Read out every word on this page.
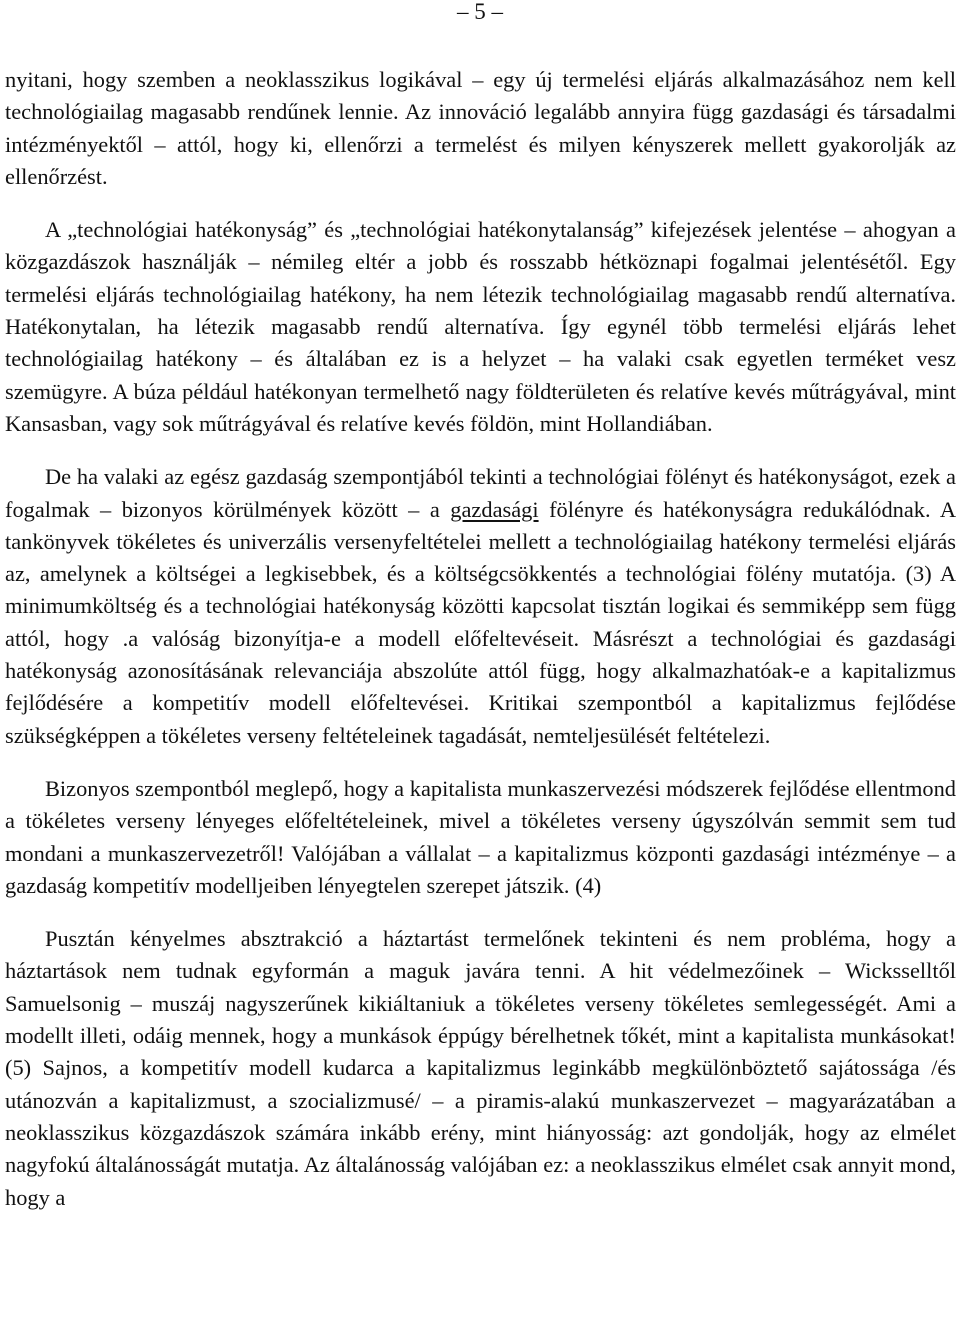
– 5 –

nyitani, hogy szemben a neoklasszikus logikával – egy új termelési eljárás alkalmazásához nem kell technológiailag magasabb rendűnek lennie. Az innováció legalább annyira függ gazdasági és társadalmi intézményektől – attól, hogy ki, ellenőrzi a termelést és milyen kényszerek mellett gyakorolják az ellenőrzést.

A „technológiai hatékonyság” és „technológiai hatékonytalanság” kifejezések jelentése – ahogyan a közgazdászok használják – némileg eltér a jobb és rosszabb hétköznapi fogalmai jelentésétől. Egy termelési eljárás technológiailag hatékony, ha nem létezik technológiailag magasabb rendű alternatíva. Hatékonytalan, ha létezik magasabb rendű alternatíva. Így egynél több termelési eljárás lehet technológiailag hatékony – és általában ez is a helyzet – ha valaki csak egyetlen terméket vesz szemügyre. A búza például hatékonyan termelhető nagy földterületen és relatíve kevés műtrágyával, mint Kansasban, vagy sok műtrágyával és relatíve kevés földön, mint Hollandiában.

De ha valaki az egész gazdaság szempontjából tekinti a technológiai fölényt és hatékonyságot, ezek a fogalmak – bizonyos körülmények között – a gazdasági fölényre és hatékonyságra redukálódnak. A tankönyvek tökéletes és univerzális versenyfeltételei mellett a technológiailag hatékony termelési eljárás az, amelynek a költségei a legkisebbek, és a költségcsökkentés a technológiai fölény mutatója. (3) A minimumköltség és a technológiai hatékonyság közötti kapcsolat tisztán logikai és semmiképp sem függ attól, hogy .a valóság bizonyítja-e a modell előfeltevéseit. Másrészt a technológiai és gazdasági hatékonyság azonosításának relevanciája abszolúte attól függ, hogy alkalmazhatóak-e a kapitalizmus fejlődésére a kompetitív modell előfeltevései. Kritikai szempontból a kapitalizmus fejlődése szükségképpen a tökéletes verseny feltételeinek tagadását, nemteljesülését feltételezi.

Bizonyos szempontból meglepő, hogy a kapitalista munkaszervezési módszerek fejlődése ellentmond a tökéletes verseny lényeges előfeltételeinek, mivel a tökéletes verseny úgyszólván semmit sem tud mondani a munkaszervezetről! Valójában a vállalat – a kapitalizmus központi gazdasági intézménye – a gazdaság kompetitív modelljeiben lényegtelen szerepet játszik. (4)

Pusztán kényelmes absztrakció a háztartást termelőnek tekinteni és nem probléma, hogy a háztartások nem tudnak egyformán a maguk javára tenni. A hit védelmezőinek – Wicksselltől Samuelsonig – muszáj nagyszerűnek kikiáltaniuk a tökéletes verseny tökéletes semlegességét. Ami a modellt illeti, odáig mennek, hogy a munkások éppúgy bérelhetnek tőkét, mint a kapitalista munkásokat! (5) Sajnos, a kompetitív modell kudarca a kapitalizmus leginkább megkülönböztető sajátossága /és utánozván a kapitalizmust, a szocializmusé/ – a piramis-alakú munkaszervezet – magyarázatában a neoklasszikus közgazdászok számára inkább erény, mint hiányosság: azt gondolják, hogy az elmélet nagyfokú általánosságát mutatja. Az általánosság valójában ez: a neoklasszikus elmélet csak annyit mond, hogy a
